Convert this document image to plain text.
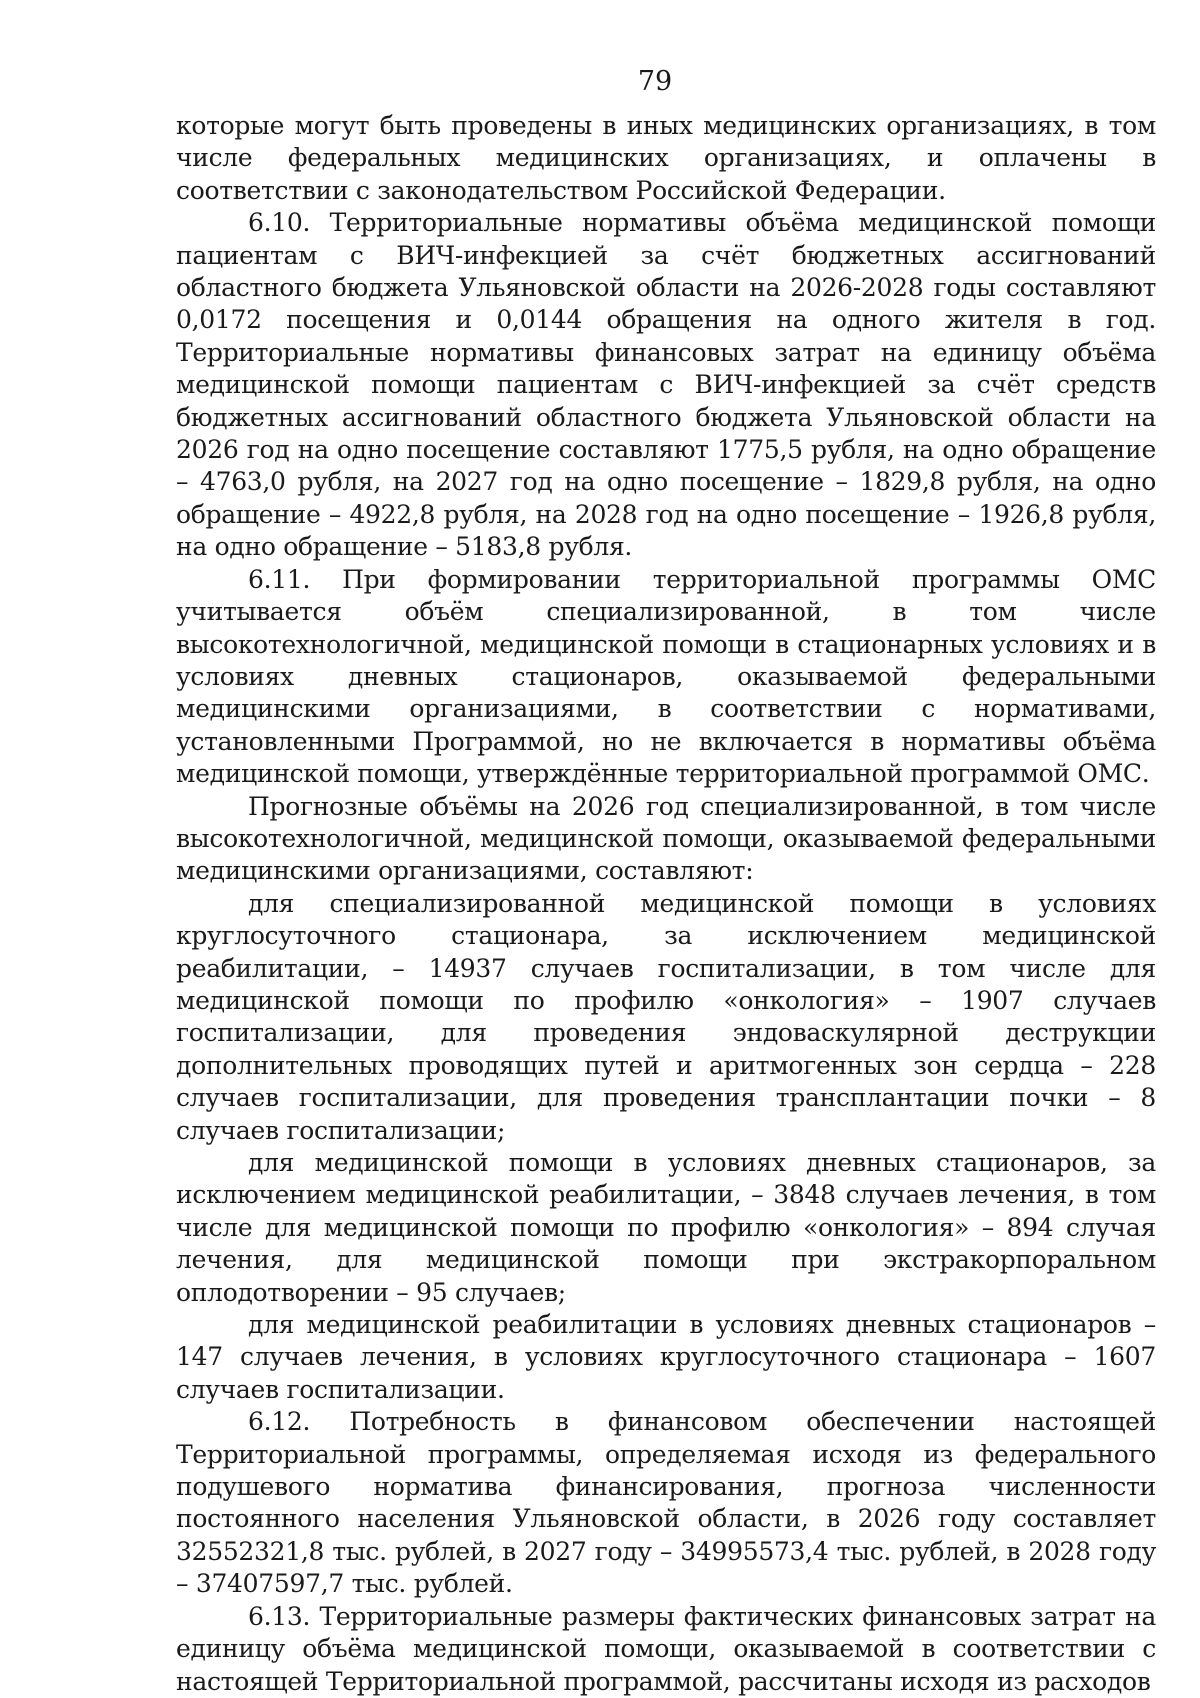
79

которые могут быть проведены в иных медицинских организациях, в том числе федеральных медицинских организациях, и оплачены в соответствии с законодательством Российской Федерации.

6.10. Территориальные нормативы объёма медицинской помощи пациентам с ВИЧ-инфекцией за счёт бюджетных ассигнований областного бюджета Ульяновской области на 2026-2028 годы составляют 0,0172 посещения и 0,0144 обращения на одного жителя в год. Территориальные нормативы финансовых затрат на единицу объёма медицинской помощи пациентам с ВИЧ-инфекцией за счёт средств бюджетных ассигнований областного бюджета Ульяновской области на 2026 год на одно посещение составляют 1775,5 рубля, на одно обращение – 4763,0 рубля, на 2027 год на одно посещение – 1829,8 рубля, на одно обращение – 4922,8 рубля, на 2028 год на одно посещение – 1926,8 рубля, на одно обращение – 5183,8 рубля.

6.11. При формировании территориальной программы ОМС учитывается объём специализированной, в том числе высокотехнологичной, медицинской помощи в стационарных условиях и в условиях дневных стационаров, оказываемой федеральными медицинскими организациями, в соответствии с нормативами, установленными Программой, но не включается в нормативы объёма медицинской помощи, утверждённые территориальной программой ОМС.

Прогнозные объёмы на 2026 год специализированной, в том числе высокотехнологичной, медицинской помощи, оказываемой федеральными медицинскими организациями, составляют:

для специализированной медицинской помощи в условиях круглосуточного стационара, за исключением медицинской реабилитации, – 14937 случаев госпитализации, в том числе для медицинской помощи по профилю «онкология» – 1907 случаев госпитализации, для проведения эндоваскулярной деструкции дополнительных проводящих путей и аритмогенных зон сердца – 228 случаев госпитализации, для проведения трансплантации почки – 8 случаев госпитализации;

для медицинской помощи в условиях дневных стационаров, за исключением медицинской реабилитации, – 3848 случаев лечения, в том числе для медицинской помощи по профилю «онкология» – 894 случая лечения, для медицинской помощи при экстракорпоральном оплодотворении – 95 случаев;

для медицинской реабилитации в условиях дневных стационаров – 147 случаев лечения, в условиях круглосуточного стационара – 1607 случаев госпитализации.

6.12. Потребность в финансовом обеспечении настоящей Территориальной программы, определяемая исходя из федерального подушевого норматива финансирования, прогноза численности постоянного населения Ульяновской области, в 2026 году составляет 32552321,8 тыс. рублей, в 2027 году – 34995573,4 тыс. рублей, в 2028 году – 37407597,7 тыс. рублей.

6.13. Территориальные размеры фактических финансовых затрат на единицу объёма медицинской помощи, оказываемой в соответствии с настоящей Территориальной программой, рассчитаны исходя из расходов
